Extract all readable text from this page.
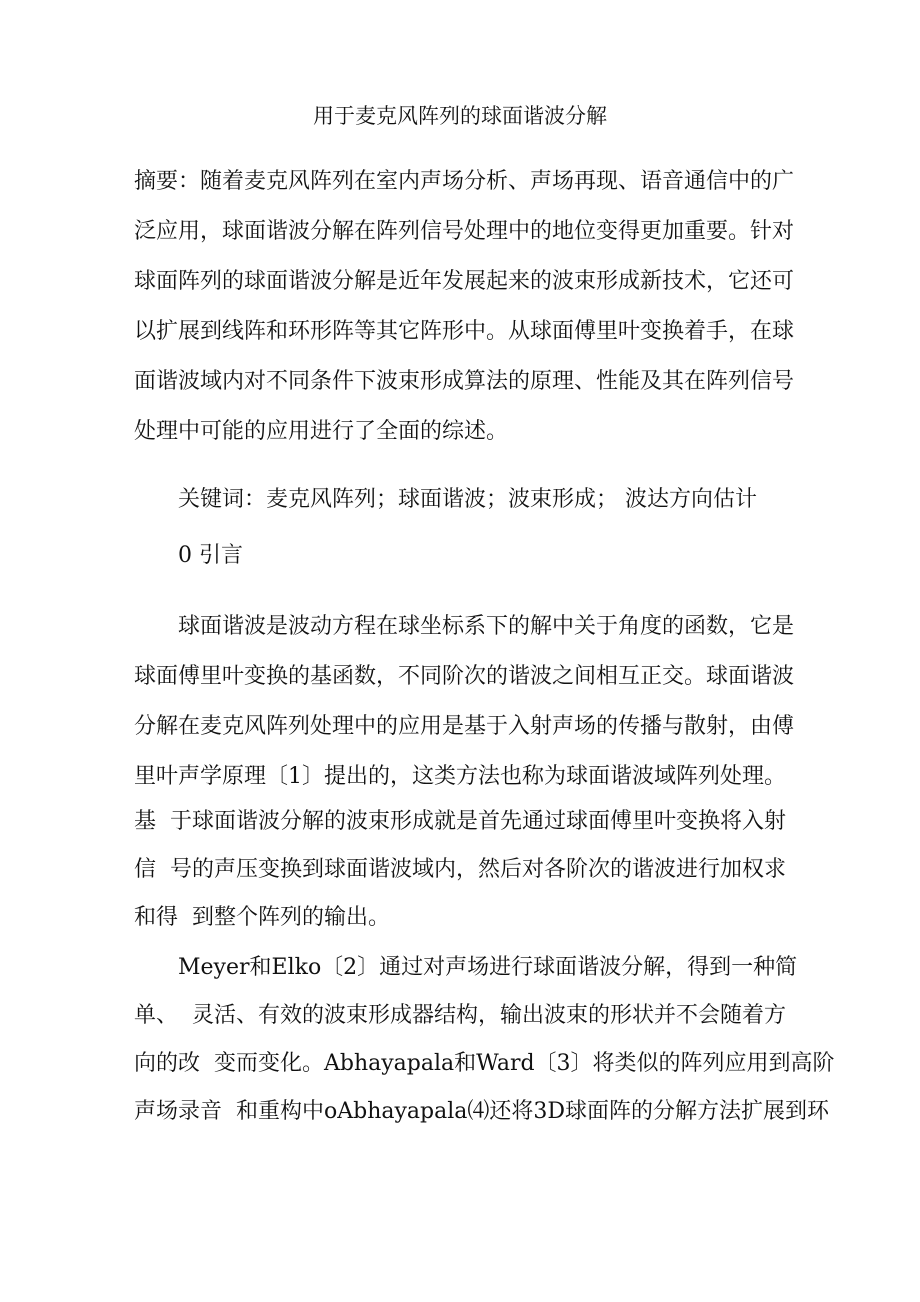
用于麦克风阵列的球面谐波分解
摘要：随着麦克风阵列在室内声场分析、声场再现、语音通信中的广
泛应用，球面谐波分解在阵列信号处理中的地位变得更加重要。针对
球面阵列的球面谐波分解是近年发展起来的波束形成新技术，它还可
以扩展到线阵和环形阵等其它阵形中。从球面傅里叶变换着手，在球
面谐波域内对不同条件下波束形成算法的原理、性能及其在阵列信号
处理中可能的应用进行了全面的综述。
关键词：麦克风阵列；球面谐波；波束形成； 波达方向估计
0 引言
球面谐波是波动方程在球坐标系下的解中关于角度的函数，它是
球面傅里叶变换的基函数，不同阶次的谐波之间相互正交。球面谐波
分解在麦克风阵列处理中的应用是基于入射声场的传播与散射，由傅
里叶声学原理〔1〕提出的，这类方法也称为球面谐波域阵列处理。
基  于球面谐波分解的波束形成就是首先通过球面傅里叶变换将入射
信  号的声压变换到球面谐波域内，然后对各阶次的谐波进行加权求
和得  到整个阵列的输出。
Meyer和Elko〔2〕通过对声场进行球面谐波分解，得到一种简
单、  灵活、有效的波束形成器结构，输出波束的形状并不会随着方
向的改  变而变化。Abhayapala和Ward〔3〕将类似的阵列应用到高阶
声场录音  和重构中oAbhayapala⑷还将3D球面阵的分解方法扩展到环
